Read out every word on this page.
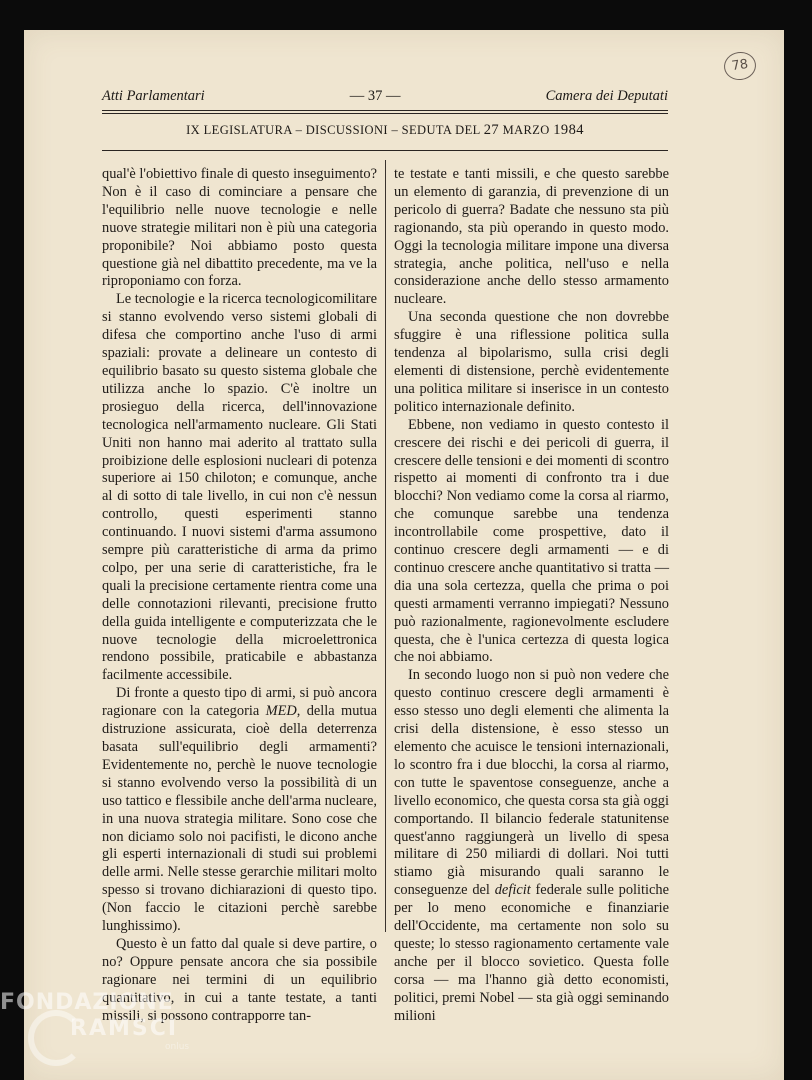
78
Atti Parlamentari	— 37 —	Camera dei Deputati
IX LEGISLATURA – DISCUSSIONI – SEDUTA DEL 27 MARZO 1984

qual'è l'obiettivo finale di questo inseguimento? Non è il caso di cominciare a pensare che l'equilibrio nelle nuove tecnologie e nelle nuove strategie militari non è più una categoria proponibile? Noi abbiamo posto questa questione già nel dibattito precedente, ma ve la riproponiamo con forza.

Le tecnologie e la ricerca tecnologicomilitare si stanno evolvendo verso sistemi globali di difesa che comportino anche l'uso di armi spaziali: provate a delineare un contesto di equilibrio basato su questo sistema globale che utilizza anche lo spazio. C'è inoltre un prosieguo della ricerca, dell'innovazione tecnologica nell'armamento nucleare. Gli Stati Uniti non hanno mai aderito al trattato sulla proibizione delle esplosioni nucleari di potenza superiore ai 150 chiloton; e comunque, anche al di sotto di tale livello, in cui non c'è nessun controllo, questi esperimenti stanno continuando. I nuovi sistemi d'arma assumono sempre più caratteristiche di arma da primo colpo, per una serie di caratteristiche, fra le quali la precisione certamente rientra come una delle connotazioni rilevanti, precisione frutto della guida intelligente e computerizzata che le nuove tecnologie della microelettronica rendono possibile, praticabile e abbastanza facilmente accessibile.

Di fronte a questo tipo di armi, si può ancora ragionare con la categoria MED, della mutua distruzione assicurata, cioè della deterrenza basata sull'equilibrio degli armamenti? Evidentemente no, perchè le nuove tecnologie si stanno evolvendo verso la possibilità di un uso tattico e flessibile anche dell'arma nucleare, in una nuova strategia militare. Sono cose che non diciamo solo noi pacifisti, le dicono anche gli esperti internazionali di studi sui problemi delle armi. Nelle stesse gerarchie militari molto spesso si trovano dichiarazioni di questo tipo. (Non faccio le citazioni perchè sarebbe lunghissimo).

Questo è un fatto dal quale si deve partire, o no? Oppure pensate ancora che sia possibile ragionare nei termini di un equilibrio quantitativo, in cui a tante testate, a tanti missili, si possono contrapporre tan-

te testate e tanti missili, e che questo sarebbe un elemento di garanzia, di prevenzione di un pericolo di guerra? Badate che nessuno sta più ragionando, sta più operando in questo modo. Oggi la tecnologia militare impone una diversa strategia, anche politica, nell'uso e nella considerazione anche dello stesso armamento nucleare.

Una seconda questione che non dovrebbe sfuggire è una riflessione politica sulla tendenza al bipolarismo, sulla crisi degli elementi di distensione, perchè evidentemente una politica militare si inserisce in un contesto politico internazionale definito.

Ebbene, non vediamo in questo contesto il crescere dei rischi e dei pericoli di guerra, il crescere delle tensioni e dei momenti di scontro rispetto ai momenti di confronto tra i due blocchi? Non vediamo come la corsa al riarmo, che comunque sarebbe una tendenza incontrollabile come prospettive, dato il continuo crescere degli armamenti — e di continuo crescere anche quantitativo si tratta — dia una sola certezza, quella che prima o poi questi armamenti verranno impiegati? Nessuno può razionalmente, ragionevolmente escludere questa, che è l'unica certezza di questa logica che noi abbiamo.

In secondo luogo non si può non vedere che questo continuo crescere degli armamenti è esso stesso uno degli elementi che alimenta la crisi della distensione, è esso stesso un elemento che acuisce le tensioni internazionali, lo scontro fra i due blocchi, la corsa al riarmo, con tutte le spaventose conseguenze, anche a livello economico, che questa corsa sta già oggi comportando. Il bilancio federale statunitense quest'anno raggiungerà un livello di spesa militare di 250 miliardi di dollari. Noi tutti stiamo già misurando quali saranno le conseguenze del deficit federale sulle politiche per lo meno economiche e finanziarie dell'Occidente, ma certamente non solo su queste; lo stesso ragionamento certamente vale anche per il blocco sovietico. Questa folle corsa — ma l'hanno già detto economisti, politici, premi Nobel — sta già oggi seminando milioni

FONDAZIONE
RAMSCI
onlus
